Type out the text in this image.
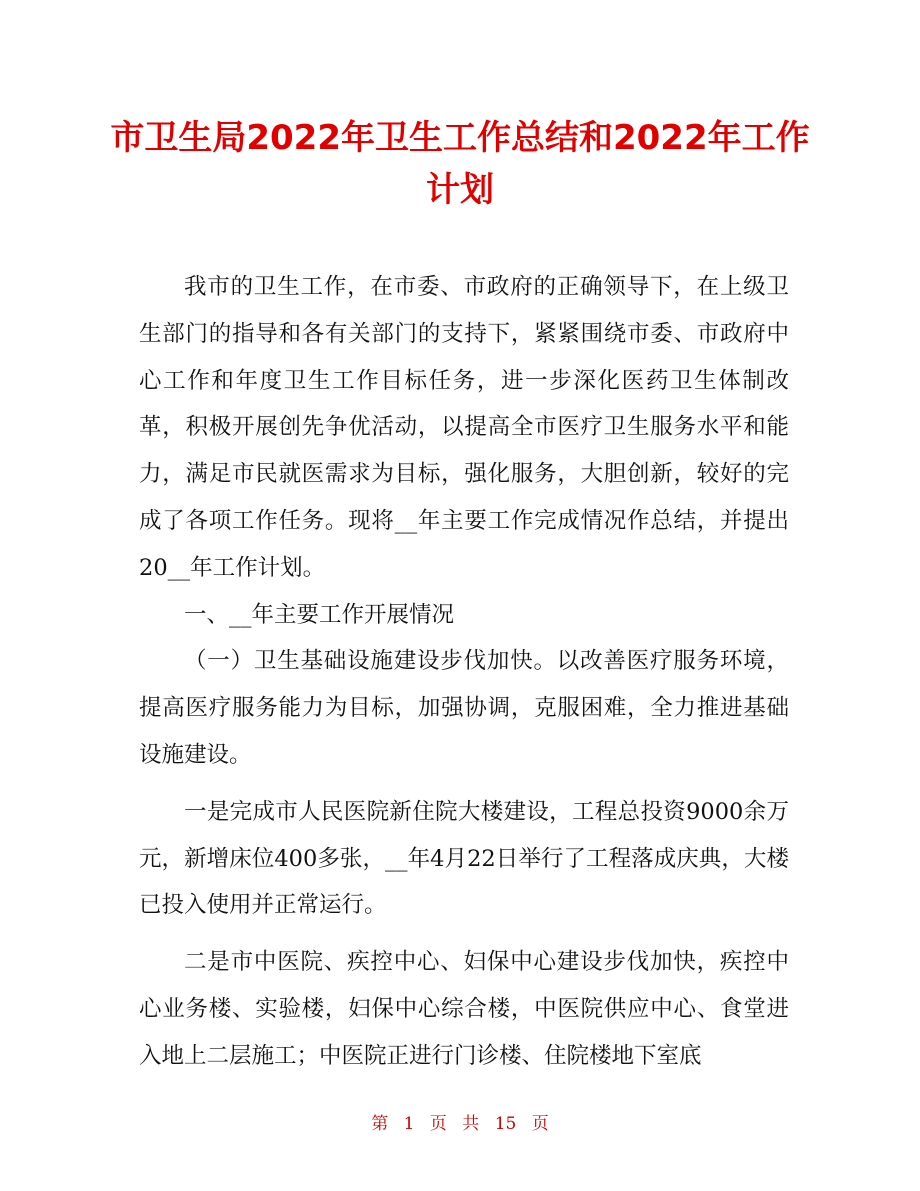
市卫生局2022年卫生工作总结和2022年工作计划

我市的卫生工作，在市委、市政府的正确领导下，在上级卫生部门的指导和各有关部门的支持下，紧紧围绕市委、市政府中心工作和年度卫生工作目标任务，进一步深化医药卫生体制改革，积极开展创先争优活动，以提高全市医疗卫生服务水平和能力，满足市民就医需求为目标，强化服务，大胆创新，较好的完成了各项工作任务。现将__年主要工作完成情况作总结，并提出20__年工作计划。

一、__年主要工作开展情况

（一）卫生基础设施建设步伐加快。以改善医疗服务环境，提高医疗服务能力为目标，加强协调，克服困难，全力推进基础设施建设。

一是完成市人民医院新住院大楼建设，工程总投资9000余万元，新增床位400多张，__年4月22日举行了工程落成庆典，大楼已投入使用并正常运行。

二是市中医院、疾控中心、妇保中心建设步伐加快，疾控中心业务楼、实验楼，妇保中心综合楼，中医院供应中心、食堂进入地上二层施工；中医院正进行门诊楼、住院楼地下室底

第 1 页 共 15 页
